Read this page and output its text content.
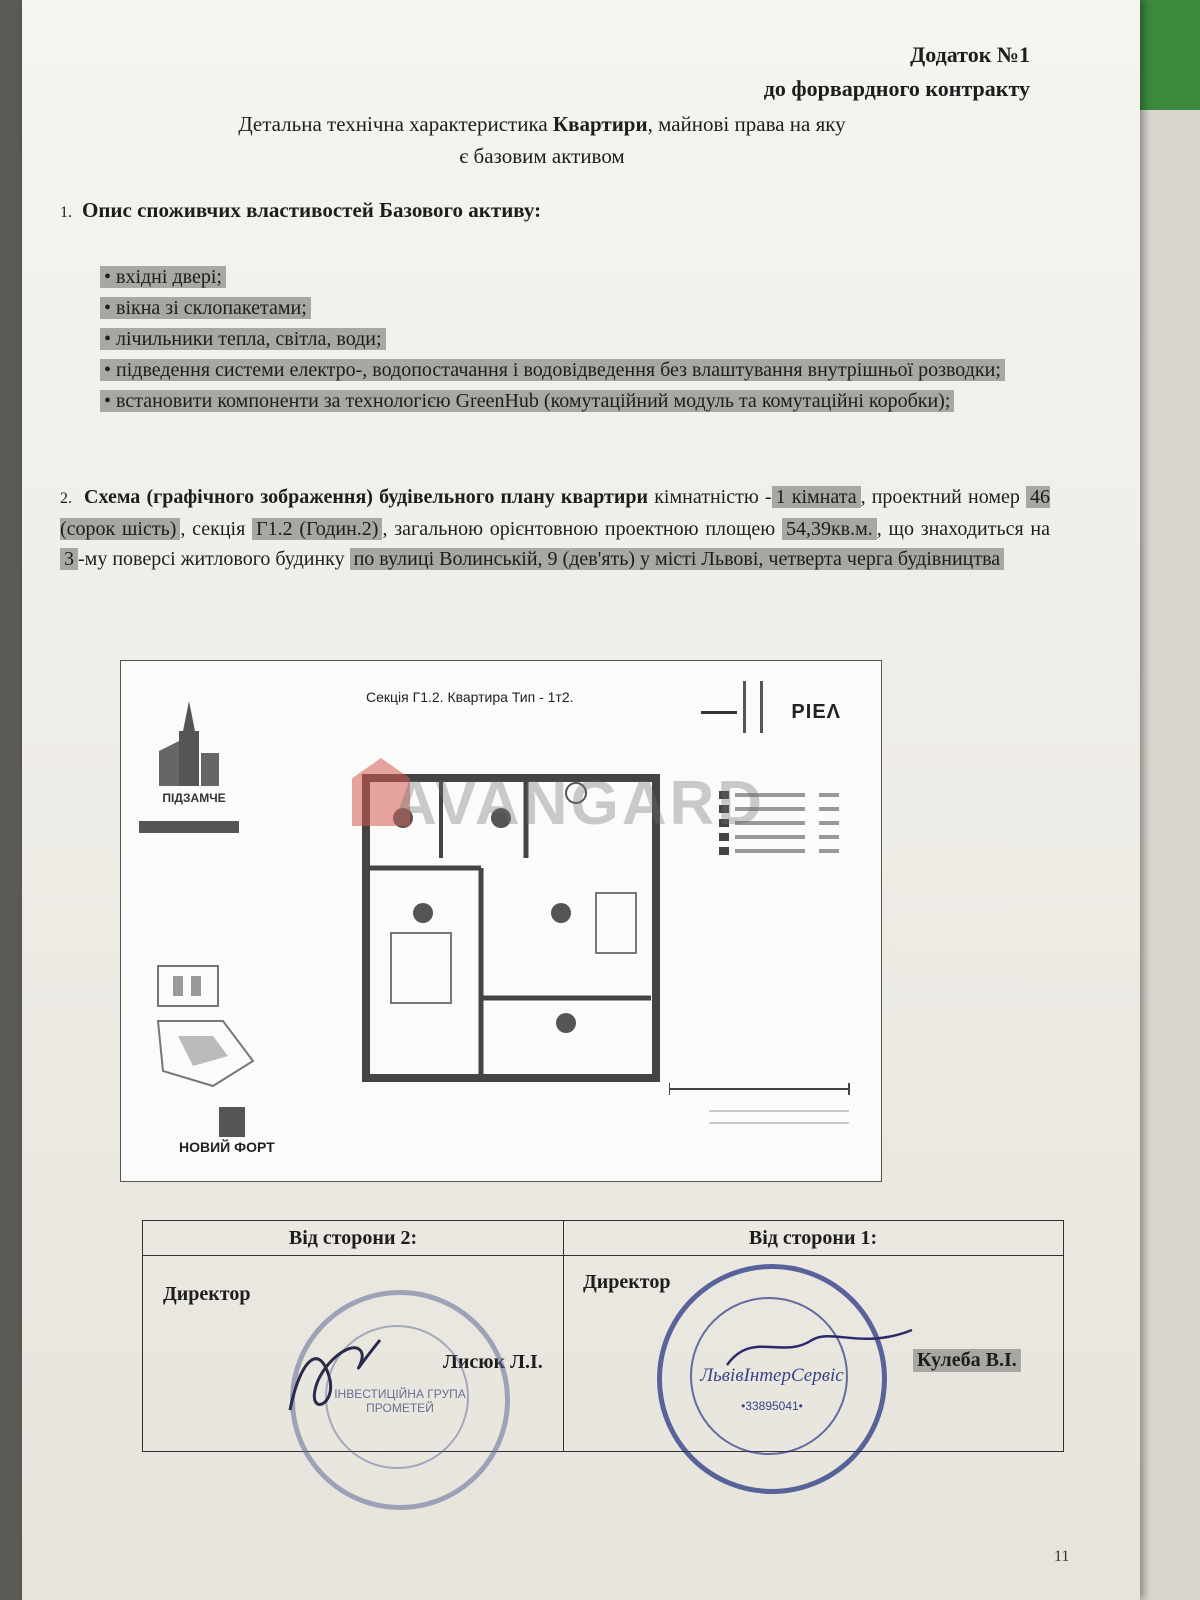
Додаток №1
до форвардного контракту
Детальна технічна характеристика Квартири, майнові права на яку
є базовим активом
1. Опис споживчих властивостей Базового активу:
• вхідні двері;
• вікна зі склопакетами;
• лічильники тепла, світла, води;
• підведення системи електро-, водопостачання і водовідведення без влаштування внутрішньої розводки;
• встановити компоненти за технологією GreenHub (комутаційний модуль та комутаційні коробки);
2. Схема (графічного зображення) будівельного плану квартири кімнатністю - 1 кімната , проектний номер 46 (сорок шість) , секція Г1.2 (Годин.2) , загальною орієнтовною проектною площею 54,39кв.м. , що знаходиться на 3 -му поверсі житлового будинку по вулиці Волинській, 9 (дев'ять) у місті Львові, четверта черга будівництва
Секція Г1.2. Квартира Тип - 1т2.
PIEΛ
ПІДЗАМЧЕ
НОВИЙ ФОРТ
AVANGARD
Від сторони 2:
Директор
Лисюк Л.І.
Від сторони 1:
Директор
Кулеба В.І.
ІНВЕСТИЦІЙНА ГРУПА ПРОМЕТЕЙ
ЛьвівІнтерСервіс
•33895041•
11
